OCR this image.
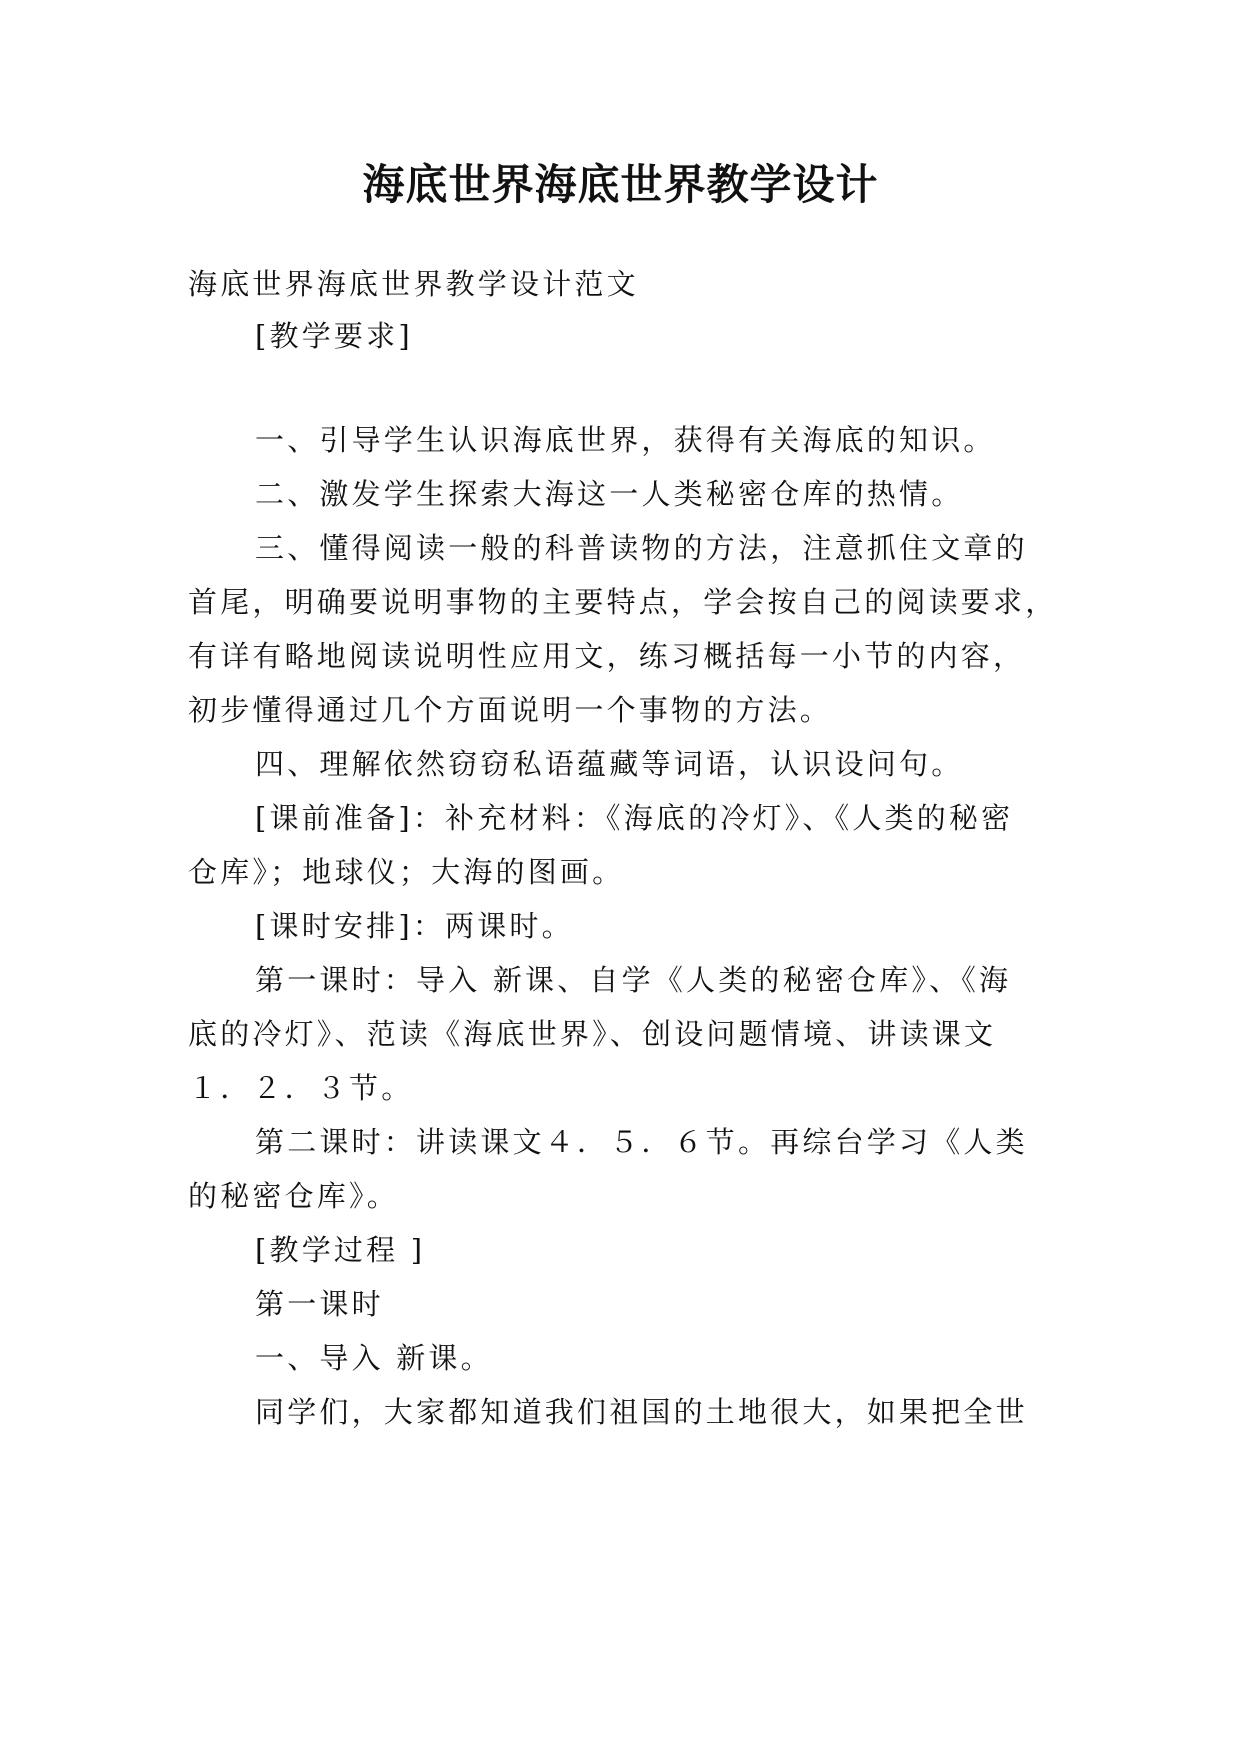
海底世界海底世界教学设计

海底世界海底世界教学设计范文

[教学要求]

一、引导学生认识海底世界，获得有关海底的知识。

二、激发学生探索大海这一人类秘密仓库的热情。

三、懂得阅读一般的科普读物的方法，注意抓住文章的

首尾，明确要说明事物的主要特点，学会按自己的阅读要求，

有详有略地阅读说明性应用文，练习概括每一小节的内容，

初步懂得通过几个方面说明一个事物的方法。

四、理解依然窃窃私语蕴藏等词语，认识设问句。

[课前准备]：补充材料：《海底的冷灯》、《人类的秘密

仓库》；地球仪；大海的图画。

[课时安排]：两课时。

第一课时：导入 新课、自学《人类的秘密仓库》、《海

底的冷灯》、范读《海底世界》、创设问题情境、讲读课文

１．２．３节。

第二课时：讲读课文４．５．６节。再综台学习《人类

的秘密仓库》。

[教学过程 ]

第一课时

一、导入 新课。

同学们，大家都知道我们祖国的土地很大，如果把全世
